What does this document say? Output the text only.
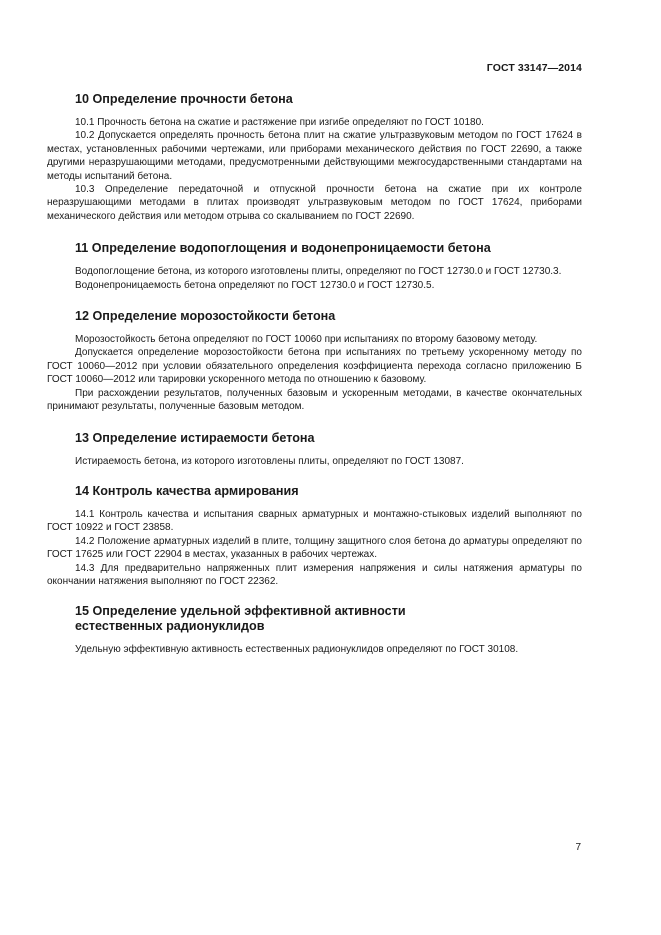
ГОСТ 33147—2014
10 Определение прочности бетона

10.1 Прочность бетона на сжатие и растяжение при изгибе определяют по ГОСТ 10180.

10.2 Допускается определять прочность бетона плит на сжатие ультразвуковым методом по ГОСТ 17624 в местах, установленных рабочими чертежами, или приборами механического действия по ГОСТ 22690, а также другими неразрушающими методами, предусмотренными действующими межгосударственными стандартами на методы испытаний бетона.

10.3 Определение передаточной и отпускной прочности бетона на сжатие при их контроле неразрушающими методами в плитах производят ультразвуковым методом по ГОСТ 17624, приборами механического действия или методом отрыва со скалыванием по ГОСТ 22690.

11 Определение водопоглощения и водонепроницаемости бетона

Водопоглощение бетона, из которого изготовлены плиты, определяют по ГОСТ 12730.0 и ГОСТ 12730.3.

Водонепроницаемость бетона определяют по ГОСТ 12730.0 и ГОСТ 12730.5.

12 Определение морозостойкости бетона

Морозостойкость бетона определяют по ГОСТ 10060 при испытаниях по второму базовому методу.

Допускается определение морозостойкости бетона при испытаниях по третьему ускоренному методу по ГОСТ 10060—2012 при условии обязательного определения коэффициента перехода согласно приложению Б ГОСТ 10060—2012 или тарировки ускоренного метода по отношению к базовому.

При расхождении результатов, полученных базовым и ускоренным методами, в качестве окончательных принимают результаты, полученные базовым методом.

13 Определение истираемости бетона

Истираемость бетона, из которого изготовлены плиты, определяют по ГОСТ 13087.

14 Контроль качества армирования

14.1 Контроль качества и испытания сварных арматурных и монтажно-стыковых изделий выполняют по ГОСТ 10922 и ГОСТ 23858.

14.2 Положение арматурных изделий в плите, толщину защитного слоя бетона до арматуры определяют по ГОСТ 17625 или ГОСТ 22904 в местах, указанных в рабочих чертежах.

14.3 Для предварительно напряженных плит измерения напряжения и силы натяжения арматуры по окончании натяжения выполняют по ГОСТ 22362.

15 Определение удельной эффективной активности естественных радионуклидов

Удельную эффективную активность естественных радионуклидов определяют по ГОСТ 30108.

7
